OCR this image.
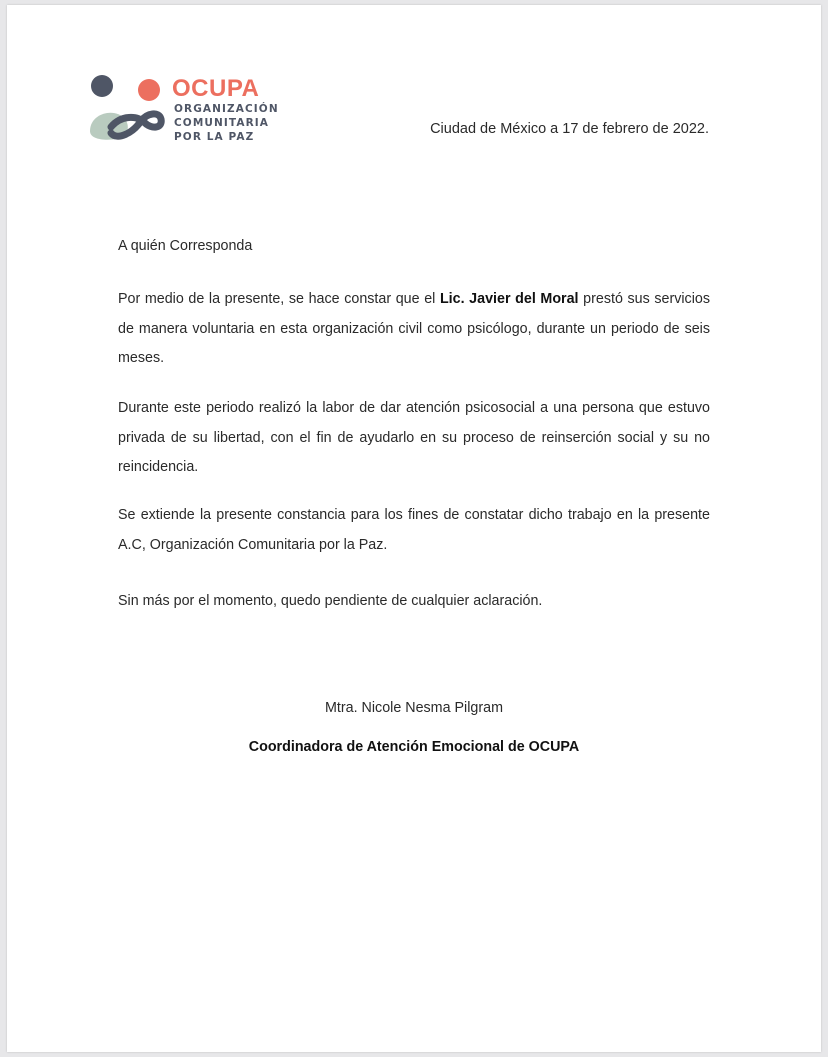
OCUPA
ORGANIZACIÓN
COMUNITARIA
POR LA PAZ	Ciudad de México a 17 de febrero de 2022.
A quién Corresponda
Por medio de la presente, se hace constar que el Lic. Javier del Moral prestó sus servicios de manera voluntaria en esta organización civil como psicólogo, durante un periodo de seis meses.
Durante este periodo realizó la labor de dar atención psicosocial a una persona que estuvo privada de su libertad, con el fin de ayudarlo en su proceso de reinserción social y su no reincidencia.
Se extiende la presente constancia para los fines de constatar dicho trabajo en la presente A.C, Organización Comunitaria por la Paz.
Sin más por el momento, quedo pendiente de cualquier aclaración.
Mtra. Nicole Nesma Pilgram
Coordinadora de Atención Emocional de OCUPA
